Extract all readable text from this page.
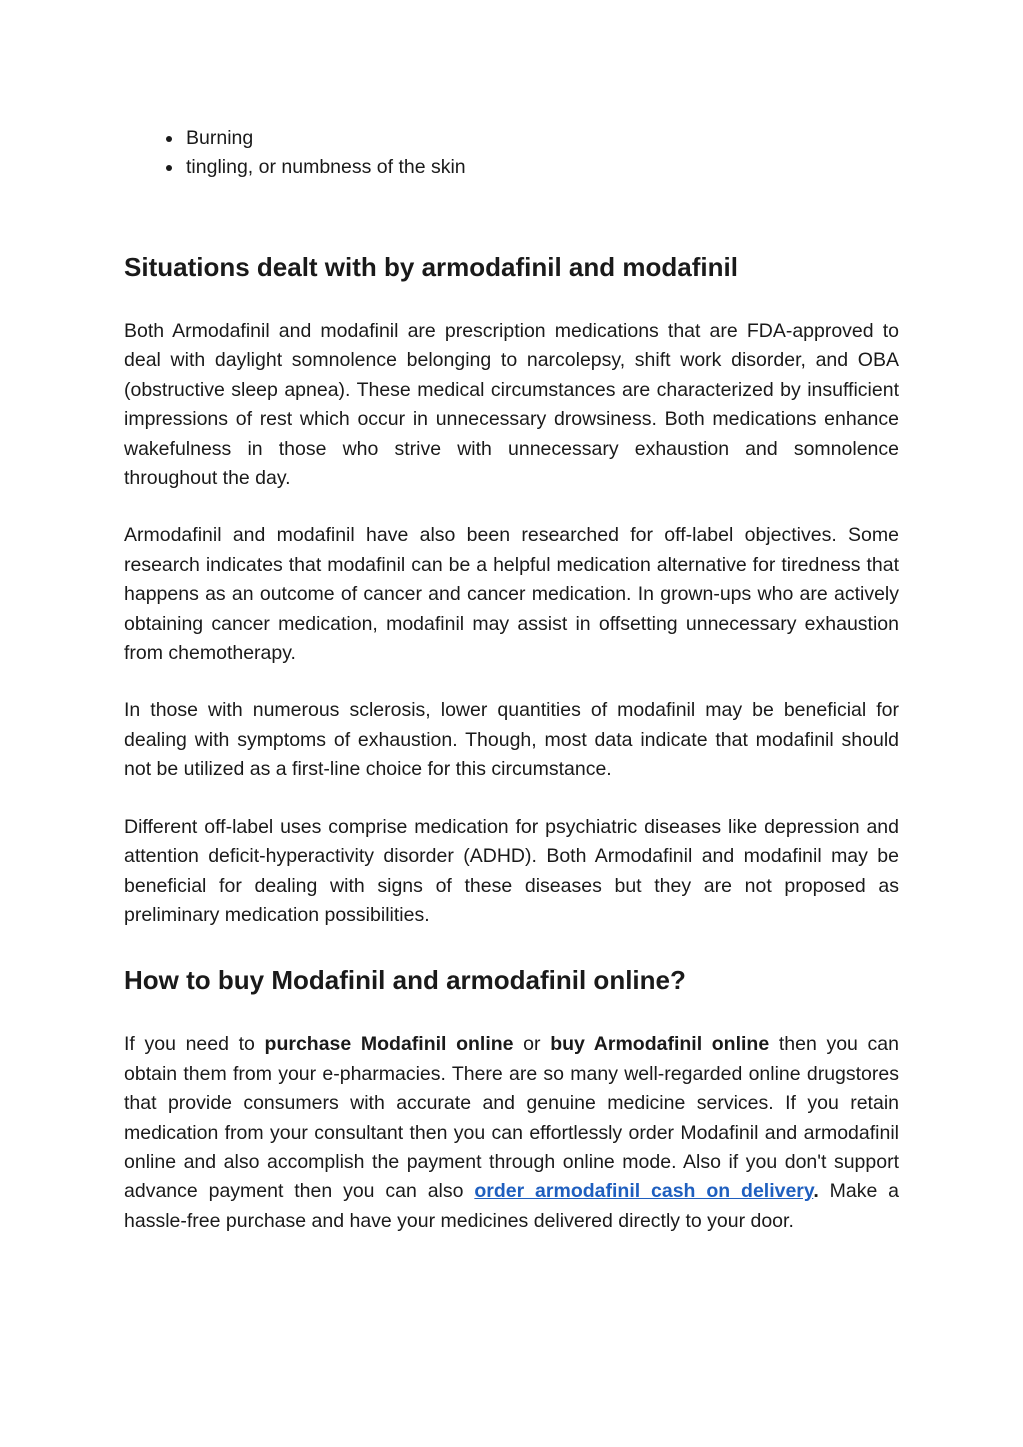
Burning
tingling, or numbness of the skin
Situations dealt with by armodafinil and modafinil

Both Armodafinil and modafinil are prescription medications that are FDA-approved to deal with daylight somnolence belonging to narcolepsy, shift work disorder, and OBA (obstructive sleep apnea). These medical circumstances are characterized by insufficient impressions of rest which occur in unnecessary drowsiness. Both medications enhance wakefulness in those who strive with unnecessary exhaustion and somnolence throughout the day.

Armodafinil and modafinil have also been researched for off-label objectives. Some research indicates that modafinil can be a helpful medication alternative for tiredness that happens as an outcome of cancer and cancer medication. In grown-ups who are actively obtaining cancer medication, modafinil may assist in offsetting unnecessary exhaustion from chemotherapy.

In those with numerous sclerosis, lower quantities of modafinil may be beneficial for dealing with symptoms of exhaustion. Though, most data indicate that modafinil should not be utilized as a first-line choice for this circumstance.

Different off-label uses comprise medication for psychiatric diseases like depression and attention deficit-hyperactivity disorder (ADHD). Both Armodafinil and modafinil may be beneficial for dealing with signs of these diseases but they are not proposed as preliminary medication possibilities.

How to buy Modafinil and armodafinil online?

If you need to purchase Modafinil online or buy Armodafinil online then you can obtain them from your e-pharmacies. There are so many well-regarded online drugstores that provide consumers with accurate and genuine medicine services. If you retain medication from your consultant then you can effortlessly order Modafinil and armodafinil online and also accomplish the payment through online mode. Also if you don't support advance payment then you can also order armodafinil cash on delivery. Make a hassle-free purchase and have your medicines delivered directly to your door.
